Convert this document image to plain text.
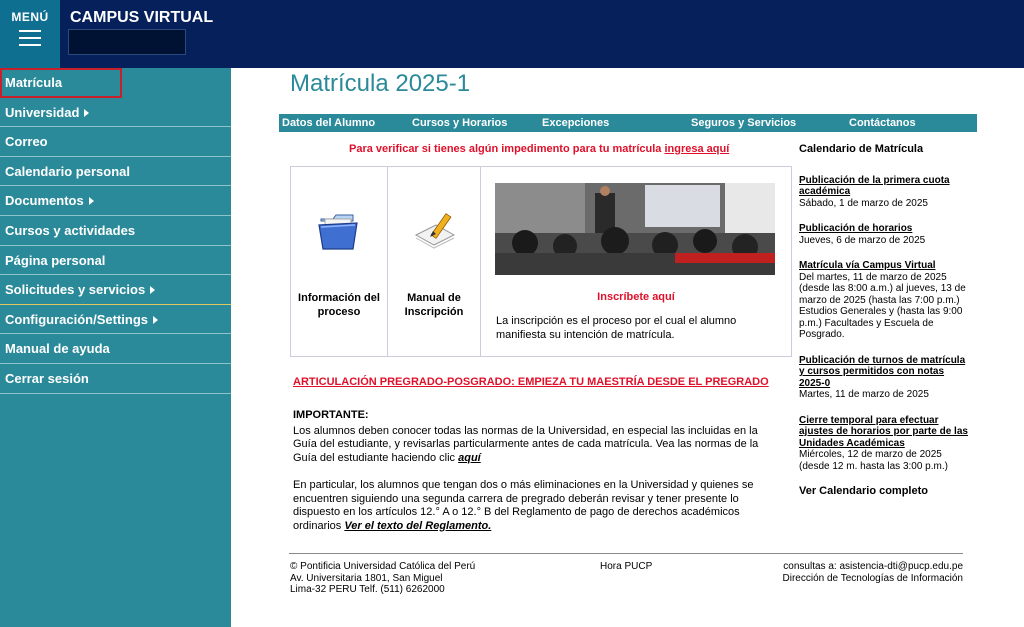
MENÚ	CAMPUS VIRTUAL
Matrícula
Universidad
Correo
Calendario personal
Documentos
Cursos y actividades
Página personal
Solicitudes y servicios
Configuración/Settings
Manual de ayuda
Cerrar sesión
Matrícula 2025-1
Datos del Alumno	Cursos y Horarios	Excepciones	Seguros y Servicios	Contáctanos
Para verificar si tienes algún impedimento para tu matrícula ingresa aquí
Información del
proceso
Manual de
Inscripción
Inscríbete aquí
La inscripción es el proceso por el cual el alumno manifiesta su intención de matrícula.
ARTICULACIÓN PREGRADO-POSGRADO: EMPIEZA TU MAESTRÍA DESDE EL PREGRADO
IMPORTANTE:
Los alumnos deben conocer todas las normas de la Universidad, en especial las incluidas en la Guía del estudiante, y revisarlas particularmente antes de cada matrícula. Vea las normas de la Guía del estudiante haciendo clic aquí
En particular, los alumnos que tengan dos o más eliminaciones en la Universidad y quienes se encuentren siguiendo una segunda carrera de pregrado deberán revisar y tener presente lo dispuesto en los artículos 12.° A o 12.° B del Reglamento de pago de derechos académicos ordinarios Ver el texto del Reglamento.
Calendario de Matrícula
Publicación de la primera cuota académica
Sábado, 1 de marzo de 2025
Publicación de horarios
Jueves, 6 de marzo de 2025
Matrícula vía Campus Virtual
Del martes, 11 de marzo de 2025 (desde las 8:00 a.m.) al jueves, 13 de marzo de 2025 (hasta las 7:00 p.m.) Estudios Generales y (hasta las 9:00 p.m.) Facultades y Escuela de Posgrado.
Publicación de turnos de matrícula y cursos permitidos con notas 2025-0
Martes, 11 de marzo de 2025
Cierre temporal para efectuar ajustes de horarios por parte de las Unidades Académicas
Miércoles, 12 de marzo de 2025 (desde 12 m. hasta las 3:00 p.m.)
Ver Calendario completo
© Pontificia Universidad Católica del Perú
Av. Universitaria 1801, San Miguel
Lima-32 PERU Telf. (511) 6262000
Hora PUCP	consultas a: asistencia-dti@pucp.edu.pe
Dirección de Tecnologías de Información
